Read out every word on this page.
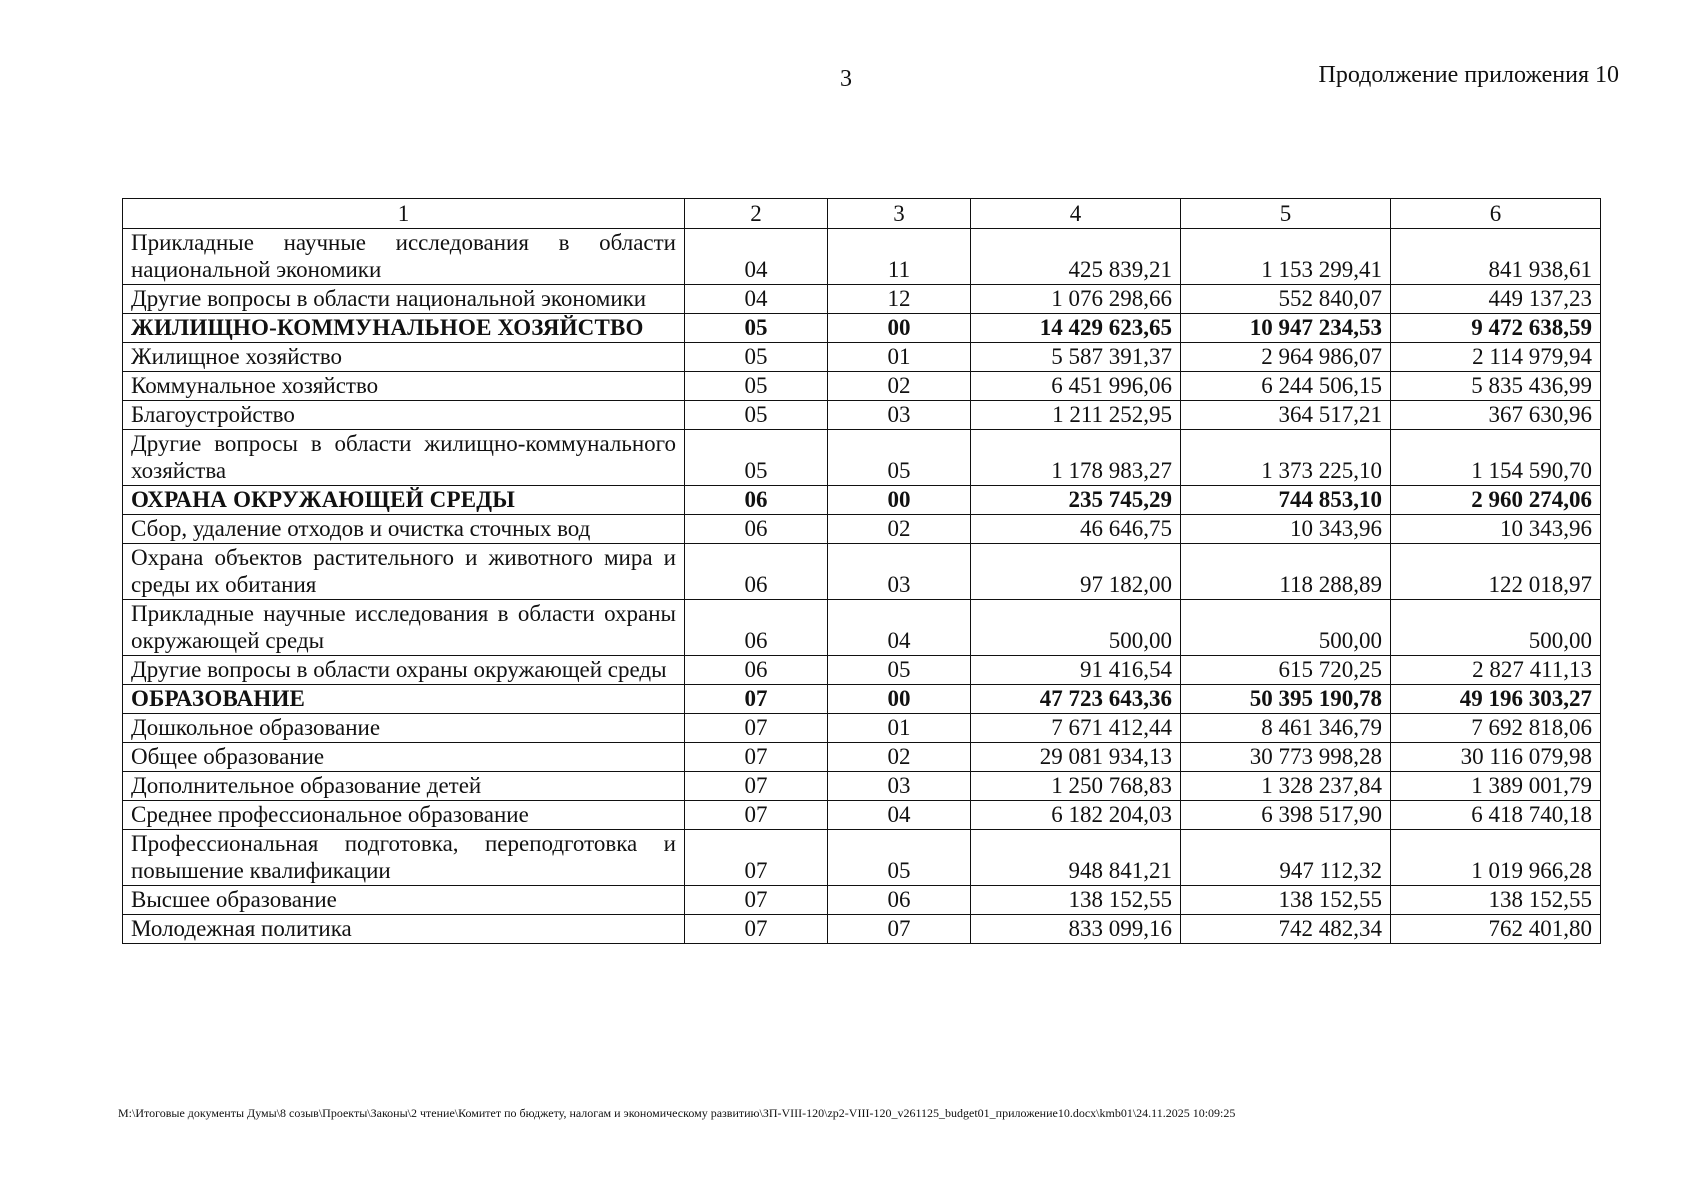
3	Продолжение приложения 10
1	2	3	4	5	6
Прикладные научные исследования в области национальной экономики	04	11	425 839,21	1 153 299,41	841 938,61
Другие вопросы в области национальной экономики	04	12	1 076 298,66	552 840,07	449 137,23
ЖИЛИЩНО-КОММУНАЛЬНОЕ ХОЗЯЙСТВО	05	00	14 429 623,65	10 947 234,53	9 472 638,59
Жилищное хозяйство	05	01	5 587 391,37	2 964 986,07	2 114 979,94
Коммунальное хозяйство	05	02	6 451 996,06	6 244 506,15	5 835 436,99
Благоустройство	05	03	1 211 252,95	364 517,21	367 630,96
Другие вопросы в области жилищно-коммунального хозяйства	05	05	1 178 983,27	1 373 225,10	1 154 590,70
ОХРАНА ОКРУЖАЮЩЕЙ СРЕДЫ	06	00	235 745,29	744 853,10	2 960 274,06
Сбор, удаление отходов и очистка сточных вод	06	02	46 646,75	10 343,96	10 343,96
Охрана объектов растительного и животного мира и среды их обитания	06	03	97 182,00	118 288,89	122 018,97
Прикладные научные исследования в области охраны окружающей среды	06	04	500,00	500,00	500,00
Другие вопросы в области охраны окружающей среды	06	05	91 416,54	615 720,25	2 827 411,13
ОБРАЗОВАНИЕ	07	00	47 723 643,36	50 395 190,78	49 196 303,27
Дошкольное образование	07	01	7 671 412,44	8 461 346,79	7 692 818,06
Общее образование	07	02	29 081 934,13	30 773 998,28	30 116 079,98
Дополнительное образование детей	07	03	1 250 768,83	1 328 237,84	1 389 001,79
Среднее профессиональное образование	07	04	6 182 204,03	6 398 517,90	6 418 740,18
Профессиональная подготовка, переподготовка и повышение квалификации	07	05	948 841,21	947 112,32	1 019 966,28
Высшее образование	07	06	138 152,55	138 152,55	138 152,55
Молодежная политика	07	07	833 099,16	742 482,34	762 401,80
M:\Итоговые документы Думы\8 созыв\Проекты\Законы\2 чтение\Комитет по бюджету, налогам и экономическому развитию\ЗП-VIII-120\zp2-VIII-120_v261125_budget01_приложение10.docx\kmb01\24.11.2025 10:09:25
